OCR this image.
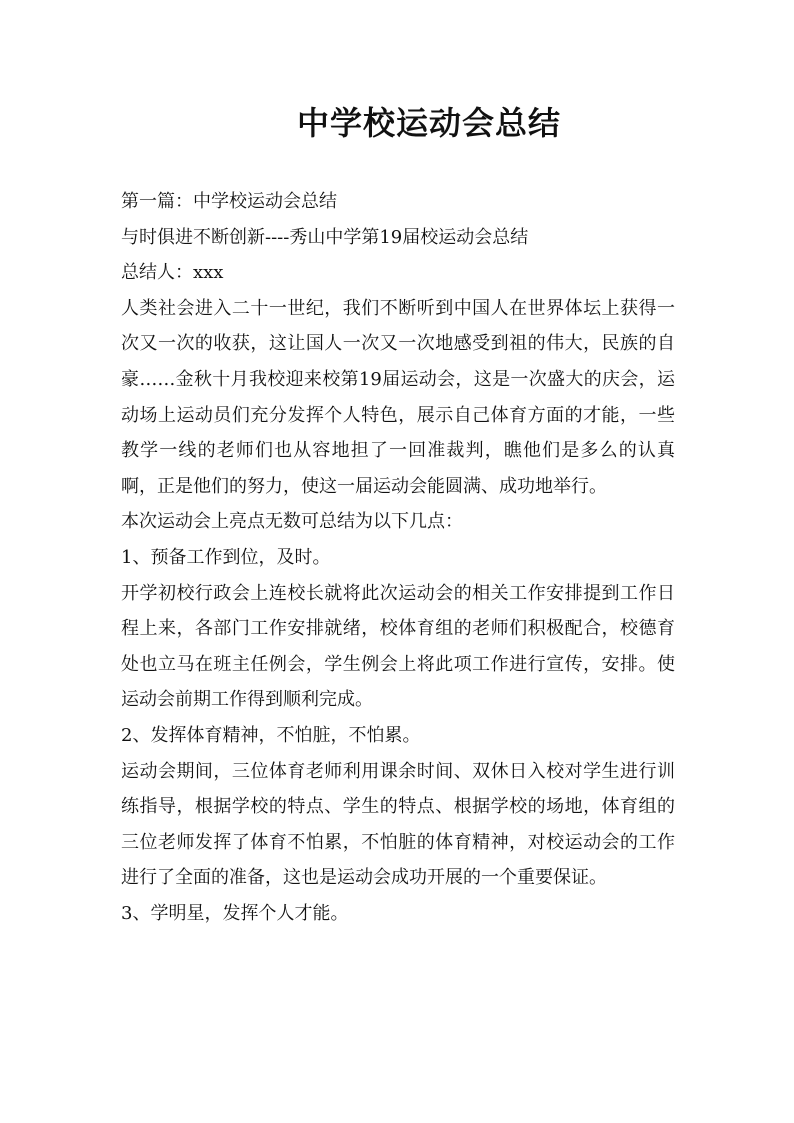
中学校运动会总结

第一篇：中学校运动会总结

与时俱进不断创新----秀山中学第19届校运动会总结

总结人：xxx

人类社会进入二十一世纪，我们不断听到中国人在世界体坛上获得一次又一次的收获，这让国人一次又一次地感受到祖的伟大，民族的自豪……金秋十月我校迎来校第19届运动会，这是一次盛大的庆会，运动场上运动员们充分发挥个人特色，展示自己体育方面的才能，一些教学一线的老师们也从容地担了一回准裁判，瞧他们是多么的认真啊，正是他们的努力，使这一届运动会能圆满、成功地举行。

本次运动会上亮点无数可总结为以下几点：

1、预备工作到位，及时。

开学初校行政会上连校长就将此次运动会的相关工作安排提到工作日程上来，各部门工作安排就绪，校体育组的老师们积极配合，校德育处也立马在班主任例会，学生例会上将此项工作进行宣传，安排。使运动会前期工作得到顺利完成。

2、发挥体育精神，不怕脏，不怕累。

运动会期间，三位体育老师利用课余时间、双休日入校对学生进行训练指导，根据学校的特点、学生的特点、根据学校的场地，体育组的三位老师发挥了体育不怕累，不怕脏的体育精神，对校运动会的工作进行了全面的准备，这也是运动会成功开展的一个重要保证。

3、学明星，发挥个人才能。
